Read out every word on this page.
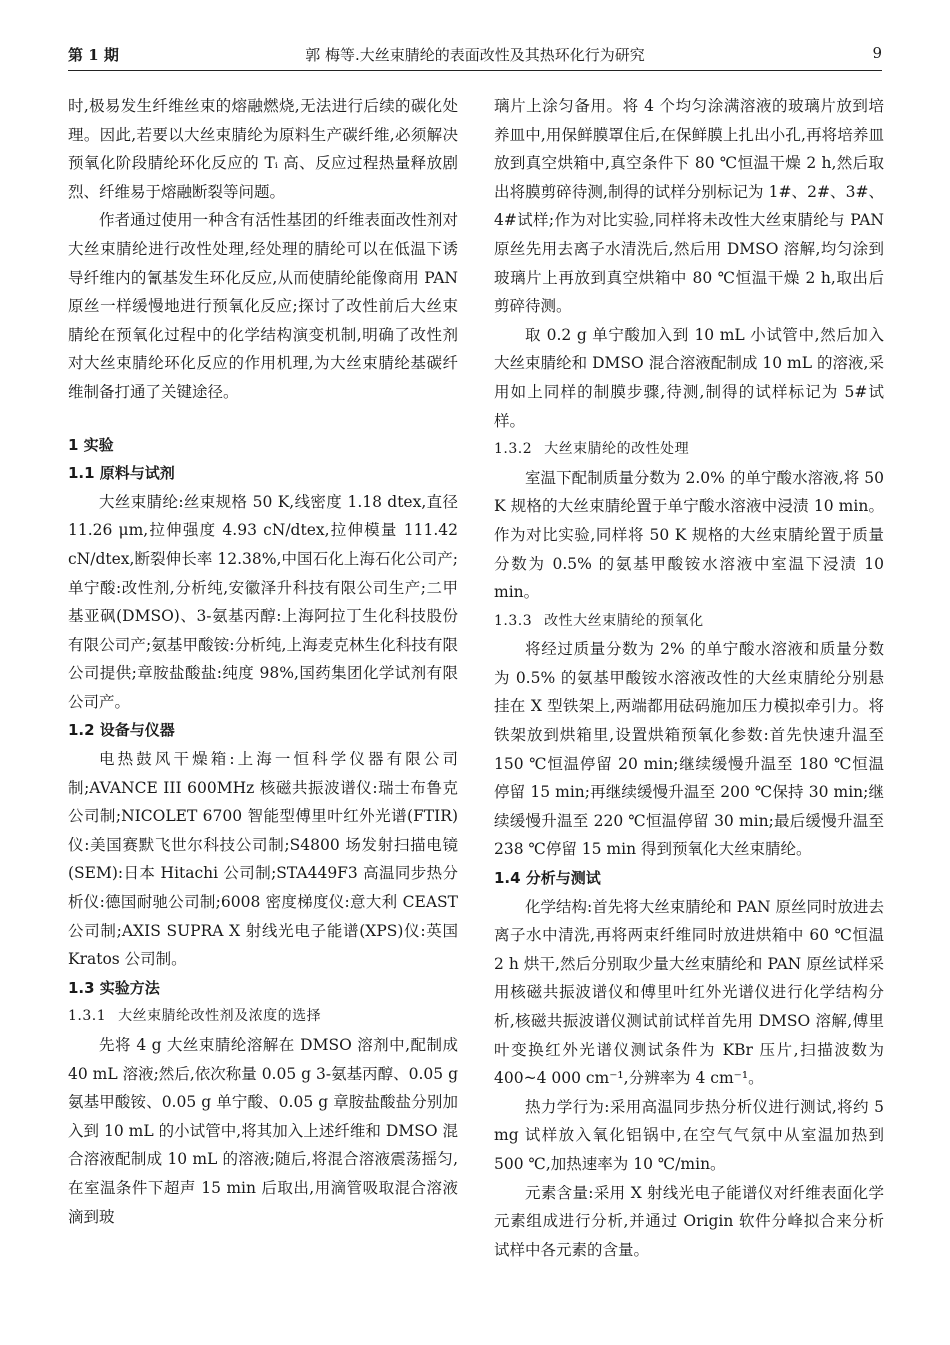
第 1 期	郭 梅等.大丝束腈纶的表面改性及其热环化行为研究	9

时,极易发生纤维丝束的熔融燃烧,无法进行后续的碳化处理。因此,若要以大丝束腈纶为原料生产碳纤维,必须解决预氧化阶段腈纶环化反应的 Tᵢ 高、反应过程热量释放剧烈、纤维易于熔融断裂等问题。

作者通过使用一种含有活性基团的纤维表面改性剂对大丝束腈纶进行改性处理,经处理的腈纶可以在低温下诱导纤维内的氰基发生环化反应,从而使腈纶能像商用 PAN 原丝一样缓慢地进行预氧化反应;探讨了改性前后大丝束腈纶在预氧化过程中的化学结构演变机制,明确了改性剂对大丝束腈纶环化反应的作用机理,为大丝束腈纶基碳纤维制备打通了关键途径。

1 实验
1.1 原料与试剂

大丝束腈纶:丝束规格 50 K,线密度 1.18 dtex,直径 11.26 μm,拉伸强度 4.93 cN/dtex,拉伸模量 111.42 cN/dtex,断裂伸长率 12.38%,中国石化上海石化公司产;单宁酸:改性剂,分析纯,安徽泽升科技有限公司生产;二甲基亚砜(DMSO)、3-氨基丙醇:上海阿拉丁生化科技股份有限公司产;氨基甲酸铵:分析纯,上海麦克林生化科技有限公司提供;章胺盐酸盐:纯度 98%,国药集团化学试剂有限公司产。

1.2 设备与仪器

电热鼓风干燥箱:上海一恒科学仪器有限公司制;AVANCE III 600MHz 核磁共振波谱仪:瑞士布鲁克公司制;NICOLET 6700 智能型傅里叶红外光谱(FTIR)仪:美国赛默飞世尔科技公司制;S4800 场发射扫描电镜(SEM):日本 Hitachi 公司制;STA449F3 高温同步热分析仪:德国耐驰公司制;6008 密度梯度仪:意大利 CEAST 公司制;AXIS SUPRA X 射线光电子能谱(XPS)仪:英国 Kratos 公司制。

1.3 实验方法
1.3.1 大丝束腈纶改性剂及浓度的选择

先将 4 g 大丝束腈纶溶解在 DMSO 溶剂中,配制成 40 mL 溶液;然后,依次称量 0.05 g 3-氨基丙醇、0.05 g 氨基甲酸铵、0.05 g 单宁酸、0.05 g 章胺盐酸盐分别加入到 10 mL 的小试管中,将其加入上述纤维和 DMSO 混合溶液配制成 10 mL 的溶液;随后,将混合溶液震荡摇匀,在室温条件下超声 15 min 后取出,用滴管吸取混合溶液滴到玻

璃片上涂匀备用。将 4 个均匀涂满溶液的玻璃片放到培养皿中,用保鲜膜罩住后,在保鲜膜上扎出小孔,再将培养皿放到真空烘箱中,真空条件下 80 ℃恒温干燥 2 h,然后取出将膜剪碎待测,制得的试样分别标记为 1#、2#、3#、4#试样;作为对比实验,同样将未改性大丝束腈纶与 PAN 原丝先用去离子水清洗后,然后用 DMSO 溶解,均匀涂到玻璃片上再放到真空烘箱中 80 ℃恒温干燥 2 h,取出后剪碎待测。

取 0.2 g 单宁酸加入到 10 mL 小试管中,然后加入大丝束腈纶和 DMSO 混合溶液配制成 10 mL 的溶液,采用如上同样的制膜步骤,待测,制得的试样标记为 5#试样。

1.3.2 大丝束腈纶的改性处理

室温下配制质量分数为 2.0% 的单宁酸水溶液,将 50 K 规格的大丝束腈纶置于单宁酸水溶液中浸渍 10 min。作为对比实验,同样将 50 K 规格的大丝束腈纶置于质量分数为 0.5% 的氨基甲酸铵水溶液中室温下浸渍 10 min。

1.3.3 改性大丝束腈纶的预氧化

将经过质量分数为 2% 的单宁酸水溶液和质量分数为 0.5% 的氨基甲酸铵水溶液改性的大丝束腈纶分别悬挂在 X 型铁架上,两端都用砝码施加压力模拟牵引力。将铁架放到烘箱里,设置烘箱预氧化参数:首先快速升温至 150 ℃恒温停留 20 min;继续缓慢升温至 180 ℃恒温停留 15 min;再继续缓慢升温至 200 ℃保持 30 min;继续缓慢升温至 220 ℃恒温停留 30 min;最后缓慢升温至 238 ℃停留 15 min 得到预氧化大丝束腈纶。

1.4 分析与测试

化学结构:首先将大丝束腈纶和 PAN 原丝同时放进去离子水中清洗,再将两束纤维同时放进烘箱中 60 ℃恒温 2 h 烘干,然后分别取少量大丝束腈纶和 PAN 原丝试样采用核磁共振波谱仪和傅里叶红外光谱仪进行化学结构分析,核磁共振波谱仪测试前试样首先用 DMSO 溶解,傅里叶变换红外光谱仪测试条件为 KBr 压片,扫描波数为 400~4 000 cm⁻¹,分辨率为 4 cm⁻¹。

热力学行为:采用高温同步热分析仪进行测试,将约 5 mg 试样放入氧化铝锅中,在空气气氛中从室温加热到 500 ℃,加热速率为 10 ℃/min。

元素含量:采用 X 射线光电子能谱仪对纤维表面化学元素组成进行分析,并通过 Origin 软件分峰拟合来分析试样中各元素的含量。
